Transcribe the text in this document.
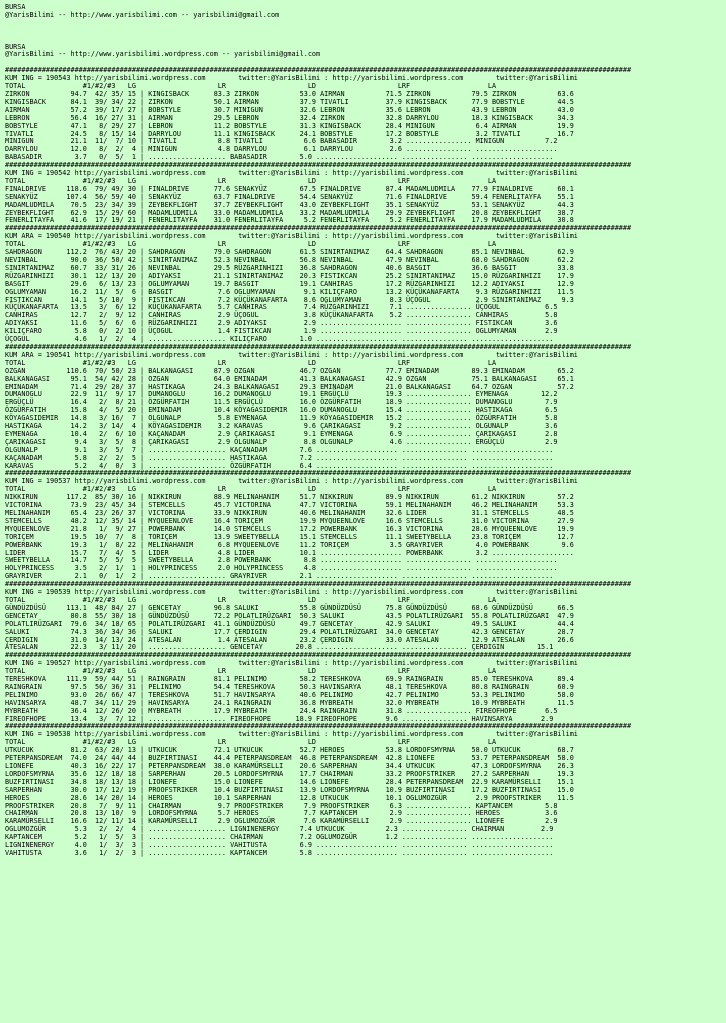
BURSA
@YarisBilimi -- http://www.yarisbilimi.com -- yarisbilimi@gmail.com

BURSA
@YarisBilimi -- http://www.yarisbilimi.wordpress.com -- yarisbilimi@gmail.com

#########################################################################################################################################################
KUM ING = 190543 http://yarisbilimi.wordpress.com        twitter:@YarisBilimi : http://yarisbilimi.wordpress.com        twitter:@YarisBilimi
TOTAL              #1/#2/#3   LG                    LR                    LD                    LRF                   LA
ZIRKON          94.7  42/ 35/ 15 | KINGISBACK      83.3 ZIRKON          53.0 AIRMAN          71.5 ZIRKON          79.5 ZIRKON          63.6
KINGISBACK      84.1  39/ 34/ 22 | ZIRKON          50.1 AIRMAN          37.9 TIVATLI         37.9 KINGISBACK      77.9 BOBSTYLE        44.5
AIRMAN          57.2  39/ 17/ 27 | BOBSTYLE        30.7 MINIGUN         32.6 LEBRON          35.6 LEBRON          43.9 LEBRON          43.0
LEBRON          56.4  16/ 27/ 31 | AIRMAN          29.5 LEBRON          32.4 ZIRKON          32.8 DARRYLOU        18.3 KINGISBACK      34.3
BOBSTYLE        47.1   8/ 29/ 27 | LEBRON          11.2 BOBSTYLE        31.3 KINGISBACK      28.4 MINIGUN          6.4 AIRMAN          19.9
TIVATLI         24.5   8/ 15/ 14 | DARRYLOU        11.1 KINGISBACK      24.1 BOBSTYLE        17.2 BOBSTYLE         3.2 TIVATLI         16.7
MINIGUN         21.1  11/  7/ 10 | TIVATLI          8.8 TIVATLI          6.6 BABASADIR        3.2 ................ MINIGUN          7.2
DARRYLOU        12.0   8/  2/  4 | MINIGUN          4.8 DARRYLOU         6.1 DARRYLOU         2.6 ................ ....................
BABASADIR        3.7   0/  5/  1 | ................... BABASADIR        5.0 .................... ................ ....................
#########################################################################################################################################################
KUM ING = 190542 http://yarisbilimi.wordpress.com        twitter:@YarisBilimi : http://yarisbilimi.wordpress.com        twitter:@YarisBilimi
TOTAL              #1/#2/#3   LG                    LR                    LD                    LRF                   LA
FINALDRIVE     118.6  79/ 49/ 30 | FINALDRIVE      77.6 SENAKYÜZ        67.5 FINALDRIVE      87.4 MADAMLUDMILA    77.9 FINALDRIVE      60.1
SENAKYÜZ       107.4  56/ 59/ 40 | SENAKYÜZ        63.7 FINALDRIVE      54.4 SENAKYÜZ        71.6 FINALDRIVE      59.4 FENERLITAYFA    55.1
MADAMLUDMILA    70.5  23/ 34/ 39 | ZEYBEKFLIGHT    37.7 ZEYBEKFLIGHT    43.0 ZEYBEKFLIGHT    35.1 SENAKYÜZ        53.1 SENAKYÜZ        44.3
ZEYBEKFLIGHT    62.9  15/ 29/ 60 | MADAMLUDMILA    33.0 MADAMLUDMILA    33.2 MADAMLUDMILA    29.9 ZEYBEKFLIGHT    20.8 ZEYBEKFLIGHT    38.7
FENERLITAYFA    41.6  17/ 19/ 21 | FENERLITAYFA    31.0 FENERLITAYFA     5.2 FENERLITAYFA     5.2 FENERLITAYFA    17.9 MADAMLUDMILA    30.8
#########################################################################################################################################################
KUM ARA = 190540 http://yarisbilimi.wordpress.com        twitter:@YarisBilimi : http://yarisbilimi.wordpress.com        twitter:@YarisBilimi
TOTAL              #1/#2/#3   LG                    LR                    LD                    LRF                   LA
SAHDRAGON      112.2  76/ 43/ 20 | SAHDRAGON       79.0 SAHDRAGON       61.5 SINIRTANIMAZ    64.4 SAHDRAGON       85.1 NEVINBAL        62.9
NEVINBAL        90.0  36/ 50/ 42 | SINIRTANIMAZ    52.3 NEVINBAL        56.8 NEVINBAL        47.9 NEVINBAL        68.0 SAHDRAGON       62.2
SINIRTANIMAZ    60.7  33/ 31/ 26 | NEVINBAL        29.5 RÜZGARINHIZI    36.8 SAHDRAGON       40.6 BASGIT          36.6 BASGIT          33.8
RÜZGARINHIZI    30.1  12/ 13/ 20 | ADIYAKSI        21.1 SINIRTANIMAZ    20.3 FISTIKCAN       25.2 SINIRTANIMAZ    15.0 RÜZGARINHIZI    17.9
BASGIT          29.6   6/ 13/ 23 | OGLUMYAMAN      19.7 BASGIT          19.1 CANHIRAS        17.2 RÜZGARINHIZI    12.2 ADIYAKSI        12.9
OGLUMYAMAN      16.2  11/  5/  6 | BASGIT           7.6 OGLUMYAMAN       9.1 KILIÇFARO       13.2 KÜÇÜKANAFARTA    9.3 RÜZGARINHIZI    11.5
FISTIKCAN       14.1   5/ 10/  9 | FISTIKCAN        7.2 KÜÇÜKANAFARTA    8.6 OGLUMYAMAN       8.3 ÜÇOGUL           2.9 SINIRTANIMAZ     9.3
KÜÇÜKANAFARTA   13.5   3/  6/ 12 | KÜÇÜKANAFARTA    5.7 CANHIRAS         7.4 RÜZGARINHIZI     7.1 ................ ÜÇOGUL           6.5
CANHIRAS        12.7   2/  9/ 12 | CANHIRAS         2.9 ÜÇOGUL           3.8 KÜÇÜKANAFARTA    5.2 ................ CANHIRAS         5.8
ADIYAKSI        11.6   5/  6/  6 | RÜZGARINHIZI     2.9 ADIYAKSI         2.9 .................... ................ FISTIKCAN        3.6
KILIÇFARO        5.8   0/  2/ 10 | ÜÇOGUL           1.4 FISTIKCAN        1.9 .................... ................ OGLUMYAMAN       2.9
ÜÇOGUL           4.6   1/  2/  4 | ................... KILIÇFARO        1.0 .................... ................ ....................
#########################################################################################################################################################
KUM ARA = 190541 http://yarisbilimi.wordpress.com        twitter:@YarisBilimi : http://yarisbilimi.wordpress.com        twitter:@YarisBilimi
TOTAL              #1/#2/#3   LG                    LR                    LD                    LRF                   LA
OZGAN          110.6  70/ 50/ 23 | BALKANAGASI     87.9 OZGAN           46.7 OZGAN           77.7 EMINADAM        89.3 EMINADAM        65.2
BALKANAGASI     95.1  54/ 42/ 28 | OZGAN           64.0 EMINADAM        41.3 BALKANAGASI     42.9 OZGAN           75.1 BALKANAGASI     65.1
EMINADAM        71.4  29/ 28/ 37 | HASTIKAGA       24.3 BALKANAGASI     29.3 EMINADAM        21.0 BALKANAGASI     64.7 OZGAN           57.2
DUMANOGLU       22.9  11/  9/ 17 | DUMANOGLU       16.2 DUMANOGLU       19.1 ERGÜÇLÜ         19.3 ................ EYMENAGA        12.2
ERGÜÇLÜ         16.4   2/  8/ 21 | ÖZGÜRFATIH      11.5 ERGÜÇLÜ         16.0 ÖZGÜRFATIH      18.9 ................ DUMANOGLU        7.9
ÖZGÜRFATIH      15.8   4/  5/ 20 | EMINADAM        10.4 KÖYAGASIDEMIR   16.0 DUMANOGLU       15.4 ................ HASTIKAGA        6.5
KÖYAGASIDEMIR   14.8   3/ 16/  7 | OLGUNALP         5.8 EYMENAGA        11.9 KÖYAGASIDEMIR   15.2 ................ ÖZGÜRFATIH       5.8
HASTIKAGA       14.2   3/ 14/  4 | KÖYAGASIDEMIR    3.2 KARAVAS          9.6 ÇARIKAGASI       9.2 ................ OLGUNALP         3.6
EYMENAGA        10.4   2/  6/ 10 | KAÇANADAM        2.9 ÇARIKAGASI       9.1 EYMENAGA         6.9 ................ ÇARIKAGASI       2.8
ÇARIKAGASI       9.4   3/  5/  8 | ÇARIKAGASI       2.9 OLGUNALP         8.8 OLGUNALP         4.6 ................ ERGÜÇLÜ          2.9
OLGUNALP         9.1   3/  5/  7 | ................... KAÇANADAM        7.6 .................... ................ ....................
KAÇANADAM        5.8   2/  2/  5 | ................... HASTIKAGA        7.2 .................... ................ ....................
KARAVAS          5.2   4/  0/  3 | ................... ÖZGÜRFATIH       6.4 .................... ................ ....................
#########################################################################################################################################################
KUM ING = 190537 http://yarisbilimi.wordpress.com        twitter:@YarisBilimi : http://yarisbilimi.wordpress.com        twitter:@YarisBilimi
TOTAL              #1/#2/#3   LG                    LR                    LD                    LRF                   LA
NIKKIRUN       117.2  85/ 30/ 16 | NIKKIRUN        88.9 MELINAHANIM     51.7 NIKKIRUN        89.9 NIKKIRUN        61.2 NIKKIRUN        57.2
VICTORINA       73.9  23/ 45/ 34 | STEMCELLS       45.7 VICTORINA       47.7 VICTORINA       59.1 MELINAHANIM     46.2 MELINAHANIM     53.3
MELINAHANIM     65.4  23/ 26/ 37 | VICTORINA       33.9 NIKKIRUN        40.6 MELINAHANIM     32.6 LIDER           31.1 STEMCELLS       48.5
STEMCELLS       48.2  12/ 35/ 14 | MYQUEENLOVE     16.4 TORIÇEM         19.9 MYQUEENLOVE     16.6 STEMCELLS       31.0 VICTORINA       27.9
MYQUEENLOVE     21.8   1/  9/ 27 | POWERBANK       14.0 STEMCELLS       17.2 POWERBANK       16.3 VICTORINA       28.6 MYQUEENLOVE     19.9
TORIÇEM         19.5  10/  7/  8 | TORIÇEM         13.9 SWEETYBELLA     15.1 STEMCELLS       11.1 SWEETYBELLA     23.8 TORIÇEM         12.7
POWERBANK       19.3   1/  8/ 22 | MELINAHANIM      6.8 MYQUEENLOVE     11.2 TORIÇEM          3.5 GRAYRIVER        4.0 POWERBANK        9.6
LIDER           15.7   7/  4/  5 | LIDER            4.8 LIDER           10.1 .................... POWERBANK        3.2 ....................
SWEETYBELLA     14.7   5/  5/  5 | SWEETYBELLA      2.8 POWERBANK        8.8 .................... ................ ....................
HOLYPRINCESS     3.5   2/  1/  1 | HOLYPRINCESS     2.0 HOLYPRINCESS     4.8 .................... ................ ....................
GRAYRIVER        2.1   0/  1/  2 | ................... GRAYRIVER        2.1 .................... ................ ....................
#########################################################################################################################################################
KUM ING = 190539 http://yarisbilimi.wordpress.com        twitter:@YarisBilimi : http://yarisbilimi.wordpress.com        twitter:@YarisBilimi
TOTAL              #1/#2/#3   LG                    LR                    LD                    LRF                   LA
GÜNDÜZDÜSÜ     113.1  48/ 84/ 27 | GENCETAY        96.8 SALUKI          55.8 GÜNDÜZDÜSÜ      75.8 GÜNDÜZDÜSÜ      68.6 GÜNDÜZDÜSÜ      66.5
GENCETAY        80.8  55/ 30/ 18 | GÜNDÜZDÜSÜ      72.2 POLATLIRÜZGARI  50.3 SALUKI          43.5 POLATLIRÜZGARI  55.8 POLATLIRÜZGARI  47.9
POLATLIRÜZGARI  79.6  34/ 18/ 65 | POLATLIRÜZGARI  41.1 GÜNDÜZDÜSÜ      49.7 GENCETAY        42.9 SALUKI          49.5 SALUKI          44.4
SALUKI          74.3  36/ 34/ 36 | SALUKI          17.7 ÇERDIGIN        29.4 POLATLIRÜZGARI  34.0 GENCETAY        42.3 GENCETAY        28.7
ÇERDIGIN        31.0  14/ 13/ 24 | ATESALAN         1.4 ATESALAN        23.2 ÇERDIGIN        33.0 ATESALAN        12.9 ATESALAN        26.6
ATESALAN        22.3   3/ 11/ 20 | ................... GENCETAY        20.8 .................... ................ ÇERDIGIN        15.1
#########################################################################################################################################################
KUM ING = 190527 http://yarisbilimi.wordpress.com        twitter:@YarisBilimi : http://yarisbilimi.wordpress.com        twitter:@YarisBilimi
TOTAL              #1/#2/#3   LG                    LR                    LD                    LRF                   LA
TERESHKOVA     111.9  59/ 44/ 51 | RAINGRAIN       81.1 PELINIMO        58.2 TERESHKOVA      69.9 RAINGRAIN       85.0 TERESHKOVA      89.4
RAINGRAIN       97.5  56/ 36/ 31 | PELINIMO        54.4 TERESHKOVA      50.3 HAVINSARYA      48.1 TERESHKOVA      80.8 RAINGRAIN       60.9
PELINIMO        93.0  26/ 66/ 47 | TERESHKOVA      51.7 HAVINSARYA      40.6 PELINIMO        42.7 PELINIMO        53.3 PELINIMO        58.0
HAVINSARYA      48.7  34/ 11/ 29 | HAVINSARYA      24.1 RAINGRAIN       36.8 MYBREATH        32.0 MYBREATH        10.9 MYBREATH        11.5
MYBREATH        36.4  12/ 26/ 20 | MYBREATH        17.9 MYBREATH        24.4 RAINGRAIN       31.8 ................ FIREOFHOPE       6.5
FIREOFHOPE      13.4   3/  7/ 12 | ................... FIREOFHOPE      18.9 FIREOFHOPE       9.6 ................ HAVINSARYA       2.9
#########################################################################################################################################################
KUM ING = 190538 http://yarisbilimi.wordpress.com        twitter:@YarisBilimi : http://yarisbilimi.wordpress.com        twitter:@YarisBilimi
TOTAL              #1/#2/#3   LG                    LR                    LD                    LRF                   LA
UTKUCUK         81.2  63/ 20/ 13 | UTKUCUK         72.1 UTKUCUK         52.7 HEROES          53.8 LORDOFSMYRNA    58.0 UTKUCUK         68.7
PETERPANSDREAM  74.0  24/ 44/ 44 | BUZFIRTINASI    44.4 PETERPANSDREAM  46.8 PETERPANSDREAM  42.8 LIONEFE         53.7 PETERPANSDREAM  58.0
LIONEFE         40.3  16/ 22/ 17 | PETERPANSDREAM  38.0 KARAMÜRSELLI    20.6 SARPERHAN       34.4 UTKUCUK         47.3 LORDOFSMYRNA    26.3
LORDOFSMYRNA    35.6  12/ 18/ 18 | SARPERHAN       20.5 LORDOFSMYRNA    17.7 CHAIRMAN        33.2 PROOFSTRIKER    27.2 SARPERHAN       19.3
BUZFIRTINASI    34.8  18/ 13/ 18 | LIONEFE         15.0 LIONEFE         14.6 LIONEFE         28.4 PETERPANSDREAM  22.9 KARAMÜRSELLI    15.1
SARPERHAN       30.0  17/ 12/ 19 | PROOFSTRIKER    10.4 BUZFIRTINASI    13.9 LORDOFSMYRNA    10.9 BUZFIRTINASI    17.2 BUZFIRTINASI    15.0
HEROES          28.6  14/ 20/ 14 | HEROES          10.1 SARPERHAN       12.8 UTKUCUK         10.1 OGLUMOZGÜR       2.9 PROOFSTRIKER    11.5
PROOFSTRIKER    20.8   7/  9/ 11 | CHAIRMAN         9.7 PROOFSTRIKER     7.9 PROOFSTRIKER     6.3 ................ KAPTANCEM        5.8
CHAIRMAN        20.8  13/ 10/  9 | LORDOFSMYRNA     5.7 HEROES           7.7 KAPTANCEM        2.9 ................ HEROES           3.6
KARAMÜRSELLI    16.6  12/ 11/ 14 | KARAMÜRSELLI     2.9 OGLUMOZGÜR       7.6 KARAMÜRSELLI     2.9 ................ LIONEFE          2.9
OGLUMOZGÜR       5.3   2/  2/  4 | ................... LIGNINENERGY     7.4 UTKUCUK          2.3 ................ CHAIRMAN         2.9
KAPTANCEM        5.2   1/  5/  3 | ................... CHAIRMAN         7.2 OGLUMOZGÜR       1.2 ................ ....................
LIGNINENERGY     4.0   1/  3/  3 | ................... VAHITUSTA        6.9 .................... ................ ....................
VAHITUSTA        3.6   1/  2/  3 | ................... KAPTANCEM        5.8 .................... ................ ....................
